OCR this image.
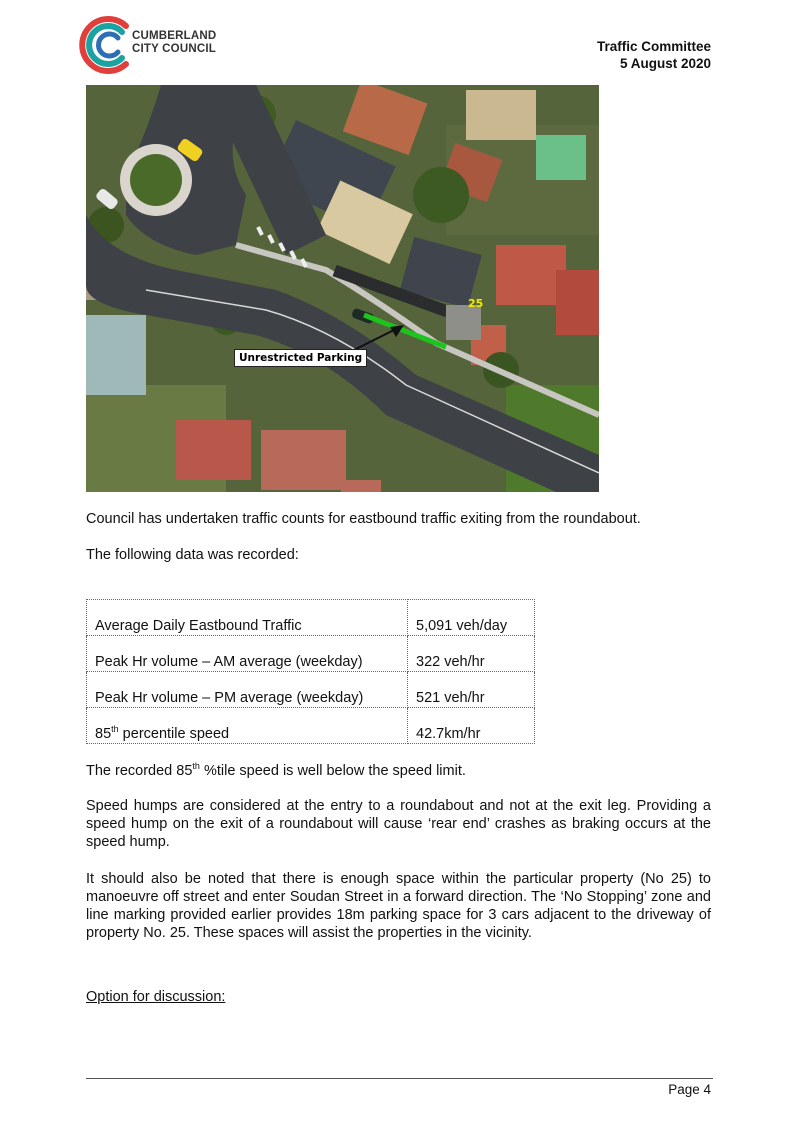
CUMBERLAND
CITY COUNCIL	Traffic Committee
5 August 2020
Unrestricted Parking
25
Council has undertaken traffic counts for eastbound traffic exiting from the roundabout.
The following data was recorded:
Average Daily Eastbound Traffic	5,091 veh/day
Peak Hr volume – AM average (weekday)	322 veh/hr
Peak Hr volume – PM average (weekday)	521 veh/hr
85th percentile speed	42.7km/hr
The recorded 85th %tile speed is well below the speed limit.
Speed humps are considered at the entry to a roundabout and not at the exit leg. Providing a speed hump on the exit of a roundabout will cause ‘rear end’ crashes as braking occurs at the speed hump.
It should also be noted that there is enough space within the particular property (No 25) to manoeuvre off street and enter Soudan Street in a forward direction. The ‘No Stopping’ zone and line marking provided earlier provides 18m parking space for 3 cars adjacent to the driveway of property No. 25. These spaces will assist the properties in the vicinity.
Option for discussion:
Page 4
